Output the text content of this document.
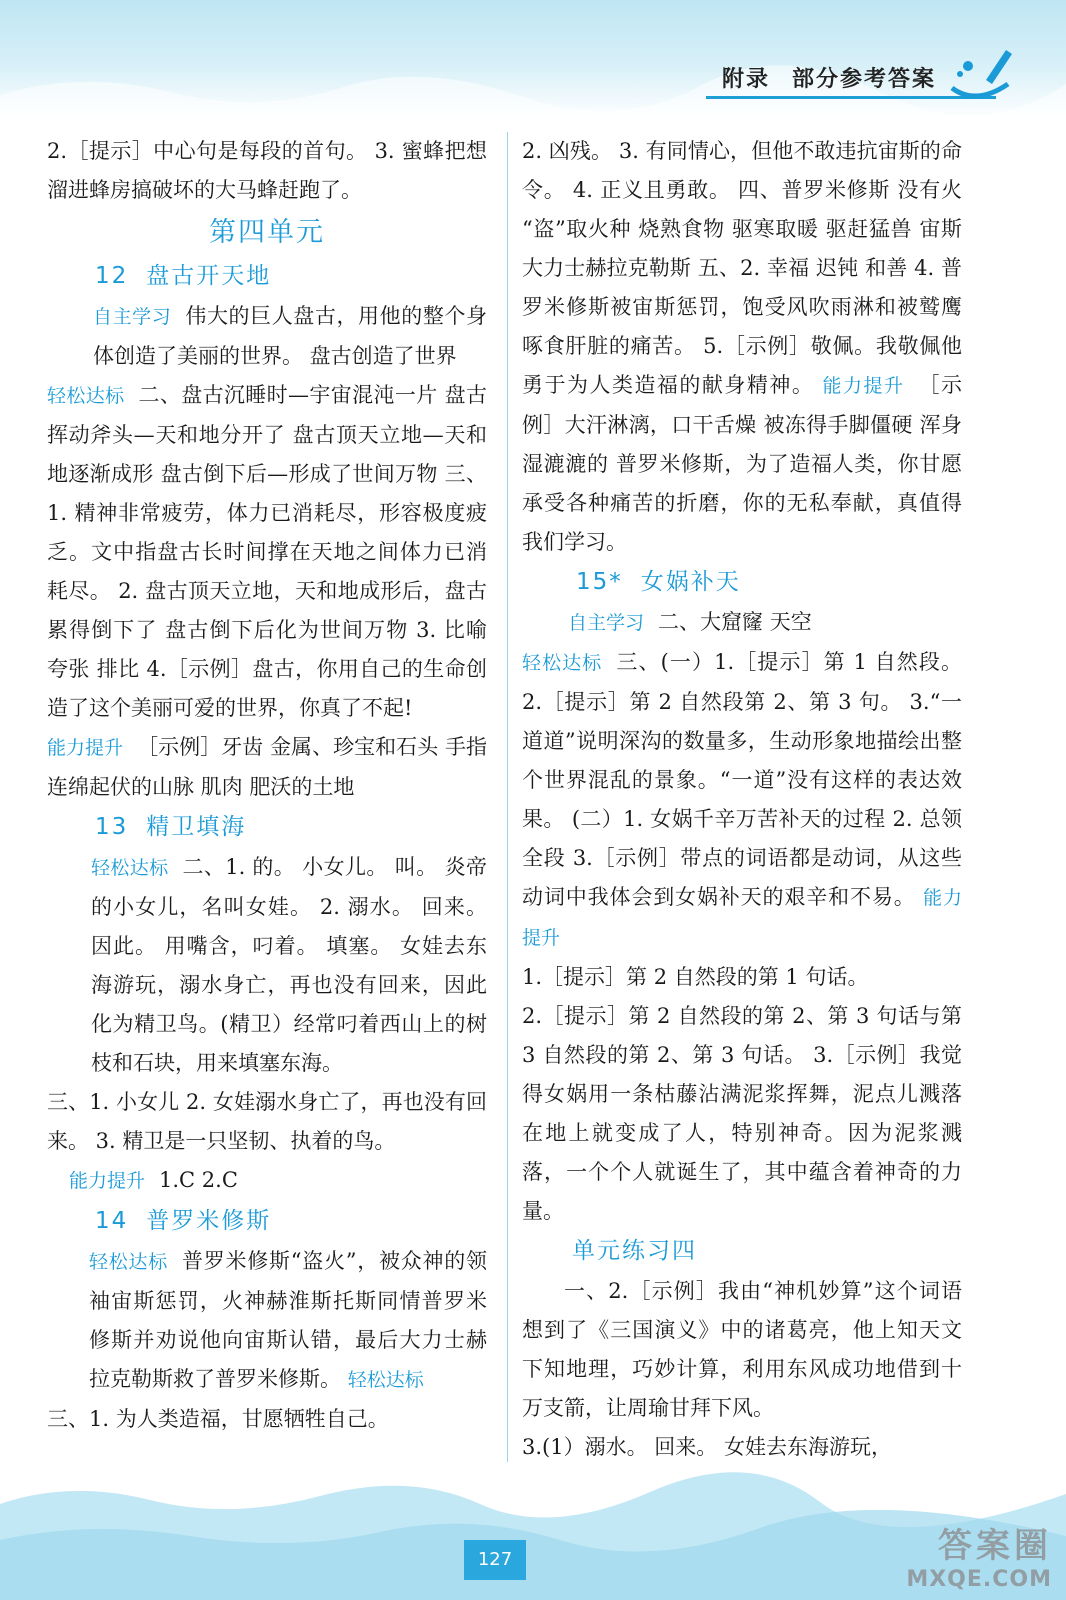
附录 部分参考答案

2.［提示］中心句是每段的首句。 3. 蜜蜂把想溜进蜂房搞破坏的大马蜂赶跑了。

第四单元
12 盘古开天地

自主学习 伟大的巨人盘古，用他的整个身体创造了美丽的世界。 盘古创造了世界

轻松达标 二、盘古沉睡时—宇宙混沌一片 盘古挥动斧头—天和地分开了 盘古顶天立地—天和地逐渐成形 盘古倒下后—形成了世间万物 三、1. 精神非常疲劳，体力已消耗尽，形容极度疲乏。文中指盘古长时间撑在天地之间体力已消耗尽。 2. 盘古顶天立地，天和地成形后，盘古累得倒下了 盘古倒下后化为世间万物 3. 比喻 夸张 排比 4.［示例］盘古，你用自己的生命创造了这个美丽可爱的世界，你真了不起!

能力提升 ［示例］牙齿 金属、珍宝和石头 手指 连绵起伏的山脉 肌肉 肥沃的土地

13 精卫填海

轻松达标 二、1. 的。 小女儿。 叫。 炎帝的小女儿，名叫女娃。 2. 溺水。 回来。 因此。 用嘴含，叼着。 填塞。 女娃去东海游玩，溺水身亡，再也没有回来，因此化为精卫鸟。(精卫）经常叼着西山上的树枝和石块，用来填塞东海。

三、1. 小女儿 2. 女娃溺水身亡了，再也没有回来。 3. 精卫是一只坚韧、执着的鸟。

能力提升 1.C 2.C

14 普罗米修斯

轻松达标 普罗米修斯“盗火”，被众神的领袖宙斯惩罚，火神赫淮斯托斯同情普罗米修斯并劝说他向宙斯认错，最后大力士赫拉克勒斯救了普罗米修斯。 轻松达标

三、1. 为人类造福，甘愿牺牲自己。

2. 凶残。 3. 有同情心，但他不敢违抗宙斯的命令。 4. 正义且勇敢。 四、普罗米修斯 没有火 “盗”取火种 烧熟食物 驱寒取暖 驱赶猛兽 宙斯 大力士赫拉克勒斯 五、2. 幸福 迟钝 和善 4. 普罗米修斯被宙斯惩罚，饱受风吹雨淋和被鹫鹰啄食肝脏的痛苦。 5.［示例］敬佩。我敬佩他勇于为人类造福的献身精神。 能力提升 ［示例］大汗淋漓，口干舌燥 被冻得手脚僵硬 浑身湿漉漉的 普罗米修斯，为了造福人类，你甘愿承受各种痛苦的折磨，你的无私奉献，真值得我们学习。

15* 女娲补天

自主学习 二、大窟窿 天空

轻松达标 三、(一）1.［提示］第 1 自然段。 2.［提示］第 2 自然段第 2、第 3 句。 3.“一道道”说明深沟的数量多，生动形象地描绘出整个世界混乱的景象。“一道”没有这样的表达效果。 (二）1. 女娲千辛万苦补天的过程 2. 总领全段 3.［示例］带点的词语都是动词，从这些动词中我体会到女娲补天的艰辛和不易。 能力提升

1.［提示］第 2 自然段的第 1 句话。

2.［提示］第 2 自然段的第 2、第 3 句话与第 3 自然段的第 2、第 3 句话。 3.［示例］我觉得女娲用一条枯藤沾满泥浆挥舞，泥点儿溅落在地上就变成了人，特别神奇。因为泥浆溅落，一个个人就诞生了，其中蕴含着神奇的力量。

单元练习四

一、2.［示例］我由“神机妙算”这个词语想到了《三国演义》中的诸葛亮，他上知天文下知地理，巧妙计算，利用东风成功地借到十万支箭，让周瑜甘拜下风。

3.(1）溺水。 回来。 女娃去东海游玩，

127	答案圈
MXQE.COM
